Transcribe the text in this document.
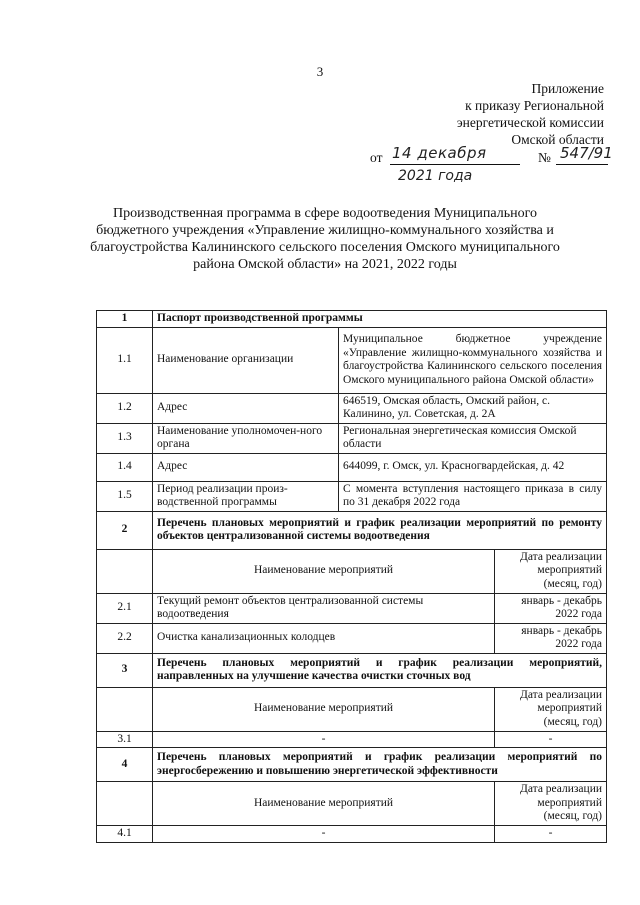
3
Приложение
к приказу Региональной
энергетической комиссии
Омской области
от 14 декабря
2021 года
№ 547/91
Производственная программа в сфере водоотведения Муниципального бюджетного учреждения «Управление жилищно-коммунального хозяйства и благоустройства Калининского сельского поселения Омского муниципального района Омской области» на 2021, 2022 годы
1	Паспорт производственной программы		
1.1	Наименование организации	Муниципальное бюджетное учреждение «Управление жилищно-коммунального хозяйства и благоустройства Калининского сельского поселения Омского муниципального района Омской области»	
1.2	Адрес	646519, Омская область, Омский район, с. Калинино, ул. Советская, д. 2А	
1.3	Наименование уполномочен-ного органа	Региональная энергетическая комиссия Омской области	
1.4	Адрес	644099, г. Омск, ул. Красногвардейская, д. 42	
1.5	Период реализации произ-водственной программы	С момента вступления настоящего приказа в силу по 31 декабря 2022 года	
2	Перечень плановых мероприятий и график реализации мероприятий по ремонту объектов централизованной системы водоотведения		
	Наименование мероприятий		Дата реализации мероприятий (месяц, год)
2.1	Текущий ремонт объектов централизованной системы водоотведения		январь - декабрь 2022 года
2.2	Очистка канализационных колодцев		январь - декабрь 2022 года
3	Перечень плановых мероприятий и график реализации мероприятий, направленных на улучшение качества очистки сточных вод		
	Наименование мероприятий		Дата реализации мероприятий (месяц, год)
3.1	-		-
4	Перечень плановых мероприятий и график реализации мероприятий по энергосбережению и повышению энергетической эффективности		
	Наименование мероприятий		Дата реализации мероприятий (месяц, год)
4.1	-		-
